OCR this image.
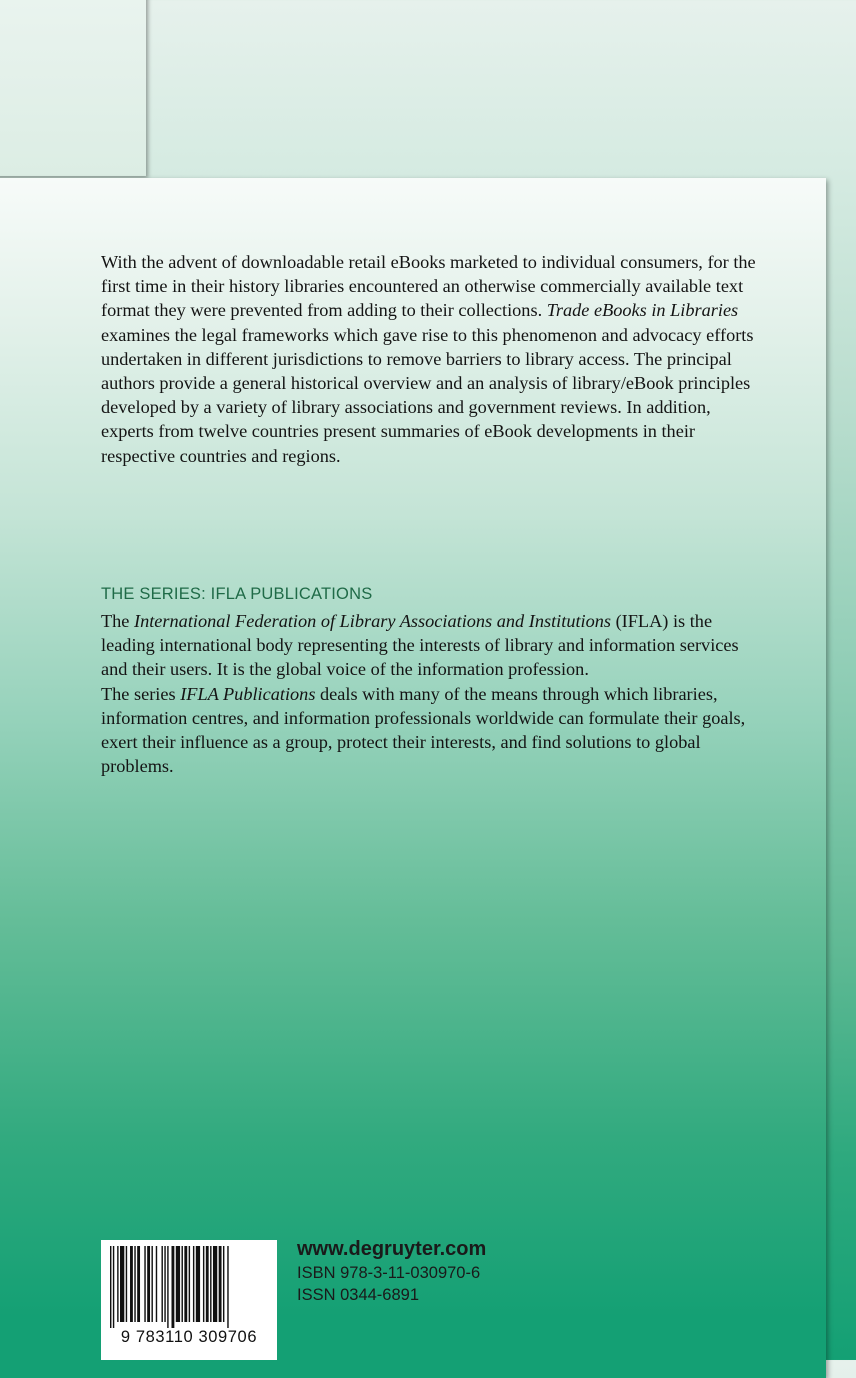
With the advent of downloadable retail eBooks marketed to individual consumers, for the first time in their history libraries encountered an otherwise commercially available text format they were prevented from adding to their collections. Trade eBooks in Libraries examines the legal frameworks which gave rise to this phenomenon and advocacy efforts undertaken in different jurisdictions to remove barriers to library access. The principal authors provide a general historical overview and an analysis of library/eBook principles developed by a variety of library associations and government reviews. In addition, experts from twelve countries present summaries of eBook developments in their respective countries and regions.

THE SERIES: IFLA PUBLICATIONS

The International Federation of Library Associations and Institutions (IFLA) is the leading international body representing the interests of library and information services and their users. It is the global voice of the information profession.

The series IFLA Publications deals with many of the means through which libraries, information centres, and information professionals worldwide can formulate their goals, exert their influence as a group, protect their interests, and find solutions to global problems.

9 783110 309706
www.degruyter.com
ISBN 978-3-11-030970-6
ISSN 0344-6891
